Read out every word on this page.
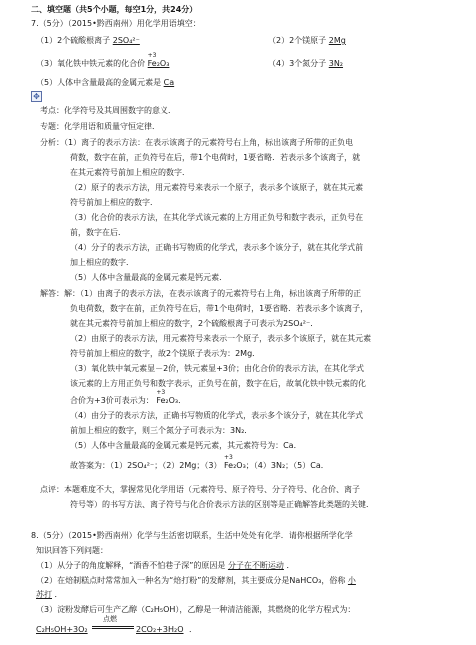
二、填空题（共5个小题，每空1分，共24分）
7.（5分）（2015•黔西南州）用化学用语填空：
（1）2个硫酸根离子 2SO₄²⁻	（2）2个镁原子 2Mg
（3）氧化铁中铁元素的化合价
+3
Fe₂O₃	（4）3个氮分子 3N₂
（5）人体中含量最高的金属元素是 Ca
✥
考点：化学符号及其周围数字的意义．
专题：化学用语和质量守恒定律．
分析：（1）离子的表示方法：在表示该离子的元素符号右上角，标出该离子所带的正负电
荷数，数字在前，正负符号在后，带1个电荷时，1要省略．若表示多个该离子，就
在其元素符号前加上相应的数字．
（2）原子的表示方法，用元素符号来表示一个原子，表示多个该原子，就在其元素
符号前加上相应的数字．
（3）化合价的表示方法，在其化学式该元素的上方用正负号和数字表示，正负号在
前，数字在后．
（4）分子的表示方法，正确书写物质的化学式，表示多个该分子，就在其化学式前
加上相应的数字．
（5）人体中含量最高的金属元素是钙元素．
解答：解：（1）由离子的表示方法，在表示该离子的元素符号右上角，标出该离子所带的正
负电荷数，数字在前，正负符号在后，带1个电荷时，1要省略．若表示多个该离子，
就在其元素符号前加上相应的数字，2个硫酸根离子可表示为2SO₄²⁻．
（2）由原子的表示方法，用元素符号来表示一个原子，表示多个该原子，就在其元素
符号前加上相应的数字，故2个镁原子表示为：2Mg．
（3）氧化铁中氧元素显－2价，铁元素显+3价；由化合价的表示方法，在其化学式
该元素的上方用正负号和数字表示，正负号在前，数字在后，故氧化铁中铁元素的化
合价为+3价可表示为：
+3
Fe₂O₃．
（4）由分子的表示方法，正确书写物质的化学式，表示多个该分子，就在其化学式
前加上相应的数字，则三个氮分子可表示为：3N₂．
（5）人体中含量最高的金属元素是钙元素，其元素符号为：Ca．
故答案为：（1）2SO₄²⁻；（2）2Mg；（3）
+3
Fe₂O₃；（4）3N₂；（5）Ca．
点评：本题难度不大，掌握常见化学用语（元素符号、原子符号、分子符号、化合价、离子
符号等）的书写方法、离子符号与化合价表示方法的区别等是正确解答此类题的关键．
8.（5分）（2015•黔西南州）化学与生活密切联系，生活中处处有化学．请你根据所学化学
知识回答下列问题：
（1）从分子的角度解释，“酒香不怕巷子深”的原因是 分子在不断运动 ．
（2）在焙制糕点时常常加入一种名为“焙打粉”的发酵剂，其主要成分是NaHCO₃，俗称 小
苏打 ．
（3）淀粉发酵后可生产乙醇（C₂H₅OH），乙醇是一种清洁能源，其燃烧的化学方程式为：
C₂H₅OH+3O₂
点燃
2CO₂+3H₂O ．
